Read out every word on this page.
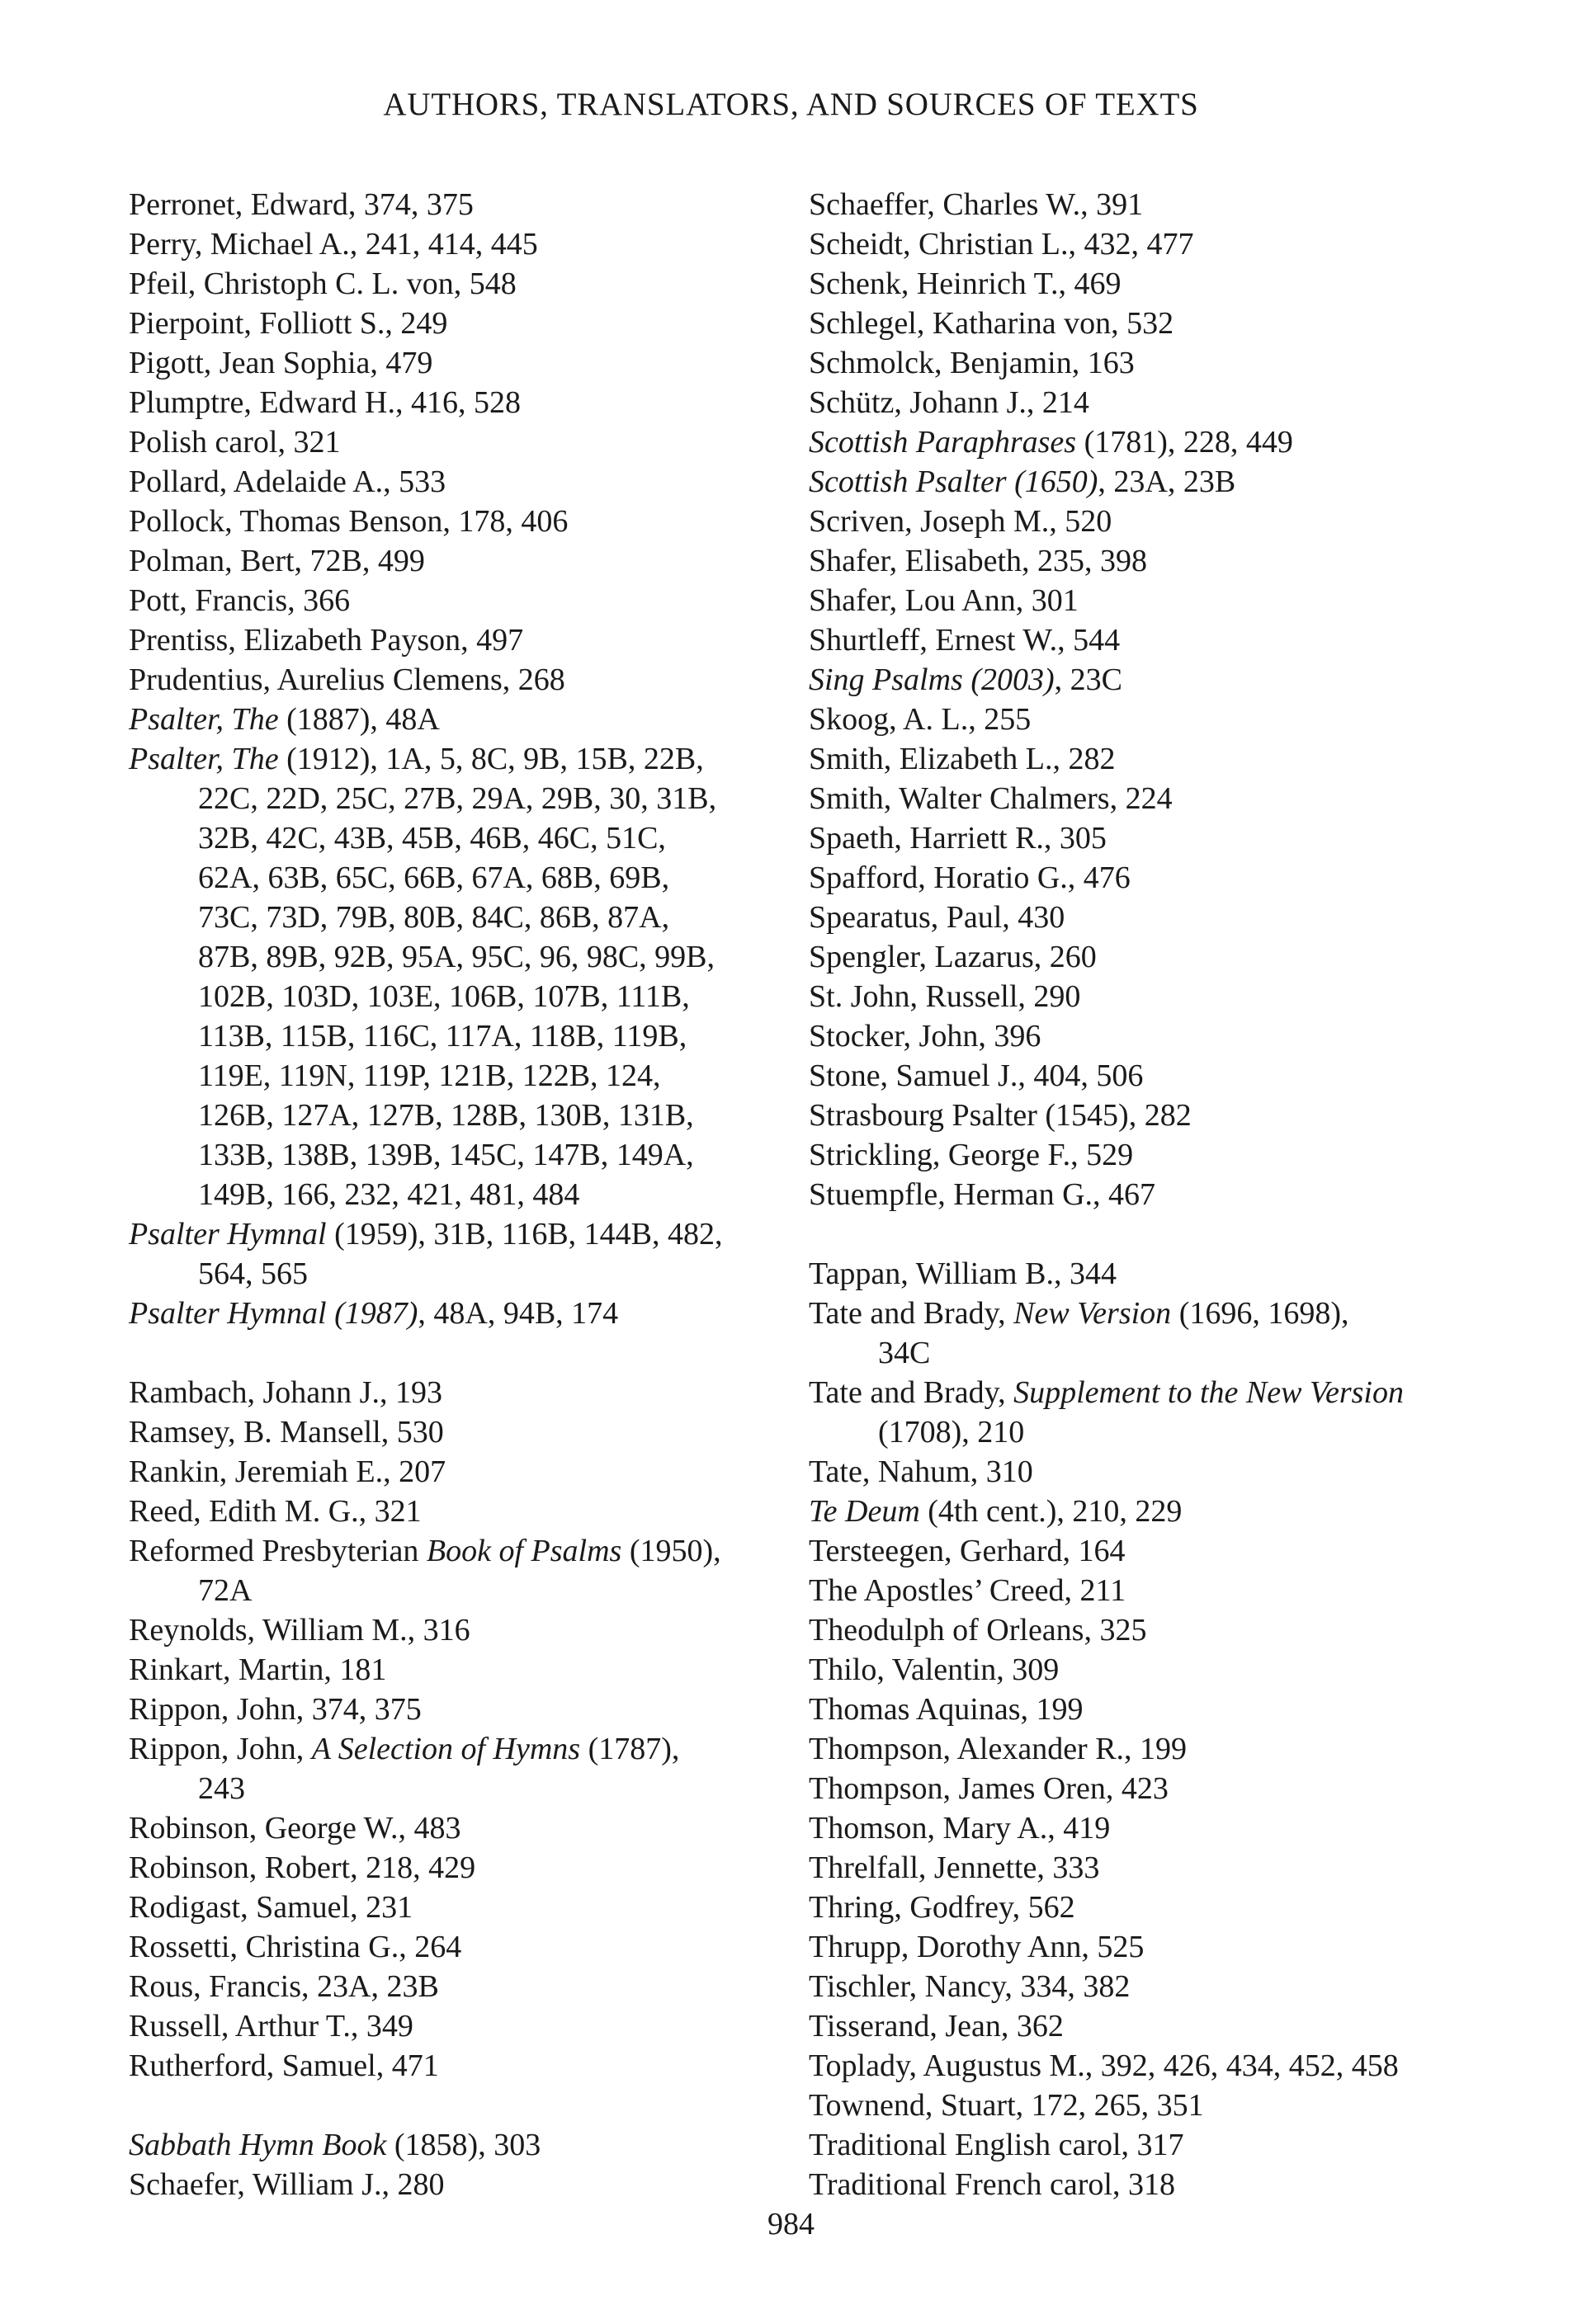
AUTHORS, TRANSLATORS, AND SOURCES OF TEXTS
Perronet, Edward, 374, 375
Perry, Michael A., 241, 414, 445
Pfeil, Christoph C. L. von, 548
Pierpoint, Folliott S., 249
Pigott, Jean Sophia, 479
Plumptre, Edward H., 416, 528
Polish carol, 321
Pollard, Adelaide A., 533
Pollock, Thomas Benson, 178, 406
Polman, Bert, 72B, 499
Pott, Francis, 366
Prentiss, Elizabeth Payson, 497
Prudentius, Aurelius Clemens, 268
Psalter, The (1887), 48A
Psalter, The (1912), 1A, 5, 8C, 9B, 15B, 22B,
22C, 22D, 25C, 27B, 29A, 29B, 30, 31B,
32B, 42C, 43B, 45B, 46B, 46C, 51C,
62A, 63B, 65C, 66B, 67A, 68B, 69B,
73C, 73D, 79B, 80B, 84C, 86B, 87A,
87B, 89B, 92B, 95A, 95C, 96, 98C, 99B,
102B, 103D, 103E, 106B, 107B, 111B,
113B, 115B, 116C, 117A, 118B, 119B,
119E, 119N, 119P, 121B, 122B, 124,
126B, 127A, 127B, 128B, 130B, 131B,
133B, 138B, 139B, 145C, 147B, 149A,
149B, 166, 232, 421, 481, 484
Psalter Hymnal (1959), 31B, 116B, 144B, 482,
564, 565
Psalter Hymnal (1987), 48A, 94B, 174

Rambach, Johann J., 193
Ramsey, B. Mansell, 530
Rankin, Jeremiah E., 207
Reed, Edith M. G., 321
Reformed Presbyterian Book of Psalms (1950),
72A
Reynolds, William M., 316
Rinkart, Martin, 181
Rippon, John, 374, 375
Rippon, John, A Selection of Hymns (1787),
243
Robinson, George W., 483
Robinson, Robert, 218, 429
Rodigast, Samuel, 231
Rossetti, Christina G., 264
Rous, Francis, 23A, 23B
Russell, Arthur T., 349
Rutherford, Samuel, 471

Sabbath Hymn Book (1858), 303
Schaefer, William J., 280
Schaeffer, Charles W., 391
Scheidt, Christian L., 432, 477
Schenk, Heinrich T., 469
Schlegel, Katharina von, 532
Schmolck, Benjamin, 163
Schütz, Johann J., 214
Scottish Paraphrases (1781), 228, 449
Scottish Psalter (1650), 23A, 23B
Scriven, Joseph M., 520
Shafer, Elisabeth, 235, 398
Shafer, Lou Ann, 301
Shurtleff, Ernest W., 544
Sing Psalms (2003), 23C
Skoog, A. L., 255
Smith, Elizabeth L., 282
Smith, Walter Chalmers, 224
Spaeth, Harriett R., 305
Spafford, Horatio G., 476
Spearatus, Paul, 430
Spengler, Lazarus, 260
St. John, Russell, 290
Stocker, John, 396
Stone, Samuel J., 404, 506
Strasbourg Psalter (1545), 282
Strickling, George F., 529
Stuempfle, Herman G., 467

Tappan, William B., 344
Tate and Brady, New Version (1696, 1698),
34C
Tate and Brady, Supplement to the New Version
(1708), 210
Tate, Nahum, 310
Te Deum (4th cent.), 210, 229
Tersteegen, Gerhard, 164
The Apostles’ Creed, 211
Theodulph of Orleans, 325
Thilo, Valentin, 309
Thomas Aquinas, 199
Thompson, Alexander R., 199
Thompson, James Oren, 423
Thomson, Mary A., 419
Threlfall, Jennette, 333
Thring, Godfrey, 562
Thrupp, Dorothy Ann, 525
Tischler, Nancy, 334, 382
Tisserand, Jean, 362
Toplady, Augustus M., 392, 426, 434, 452, 458
Townend, Stuart, 172, 265, 351
Traditional English carol, 317
Traditional French carol, 318
984
